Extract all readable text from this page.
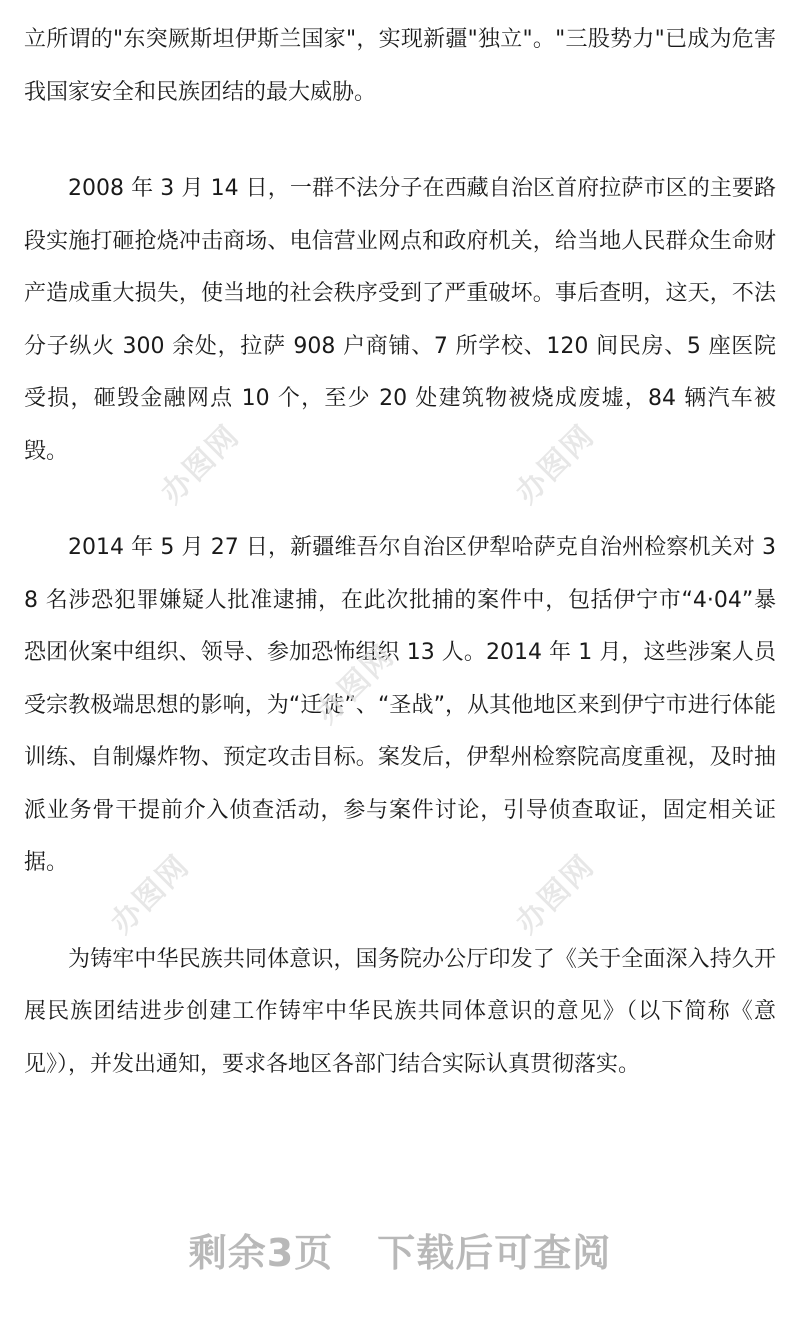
立所谓的"东突厥斯坦伊斯兰国家"，实现新疆"独立"。"三股势力"已成为危害我国家安全和民族团结的最大威胁。

2008 年 3 月 14 日，一群不法分子在西藏自治区首府拉萨市区的主要路段实施打砸抢烧冲击商场、电信营业网点和政府机关，给当地人民群众生命财产造成重大损失，使当地的社会秩序受到了严重破坏。事后查明，这天，不法分子纵火 300 余处，拉萨 908 户商铺、7 所学校、120 间民房、5 座医院受损，砸毁金融网点 10 个，至少 20 处建筑物被烧成废墟，84 辆汽车被毁。

2014 年 5 月 27 日，新疆维吾尔自治区伊犁哈萨克自治州检察机关对 38 名涉恐犯罪嫌疑人批准逮捕，在此次批捕的案件中，包括伊宁市“4·04”暴恐团伙案中组织、领导、参加恐怖组织 13 人。2014 年 1 月，这些涉案人员受宗教极端思想的影响，为“迁徙”、“圣战”，从其他地区来到伊宁市进行体能训练、自制爆炸物、预定攻击目标。案发后，伊犁州检察院高度重视，及时抽派业务骨干提前介入侦查活动，参与案件讨论，引导侦查取证，固定相关证据。

为铸牢中华民族共同体意识，国务院办公厅印发了《关于全面深入持久开展民族团结进步创建工作铸牢中华民族共同体意识的意见》（以下简称《意见》），并发出通知，要求各地区各部门结合实际认真贯彻落实。

办图网	办图网
办图网
办图网	办图网
剩余3页 下载后可查阅
